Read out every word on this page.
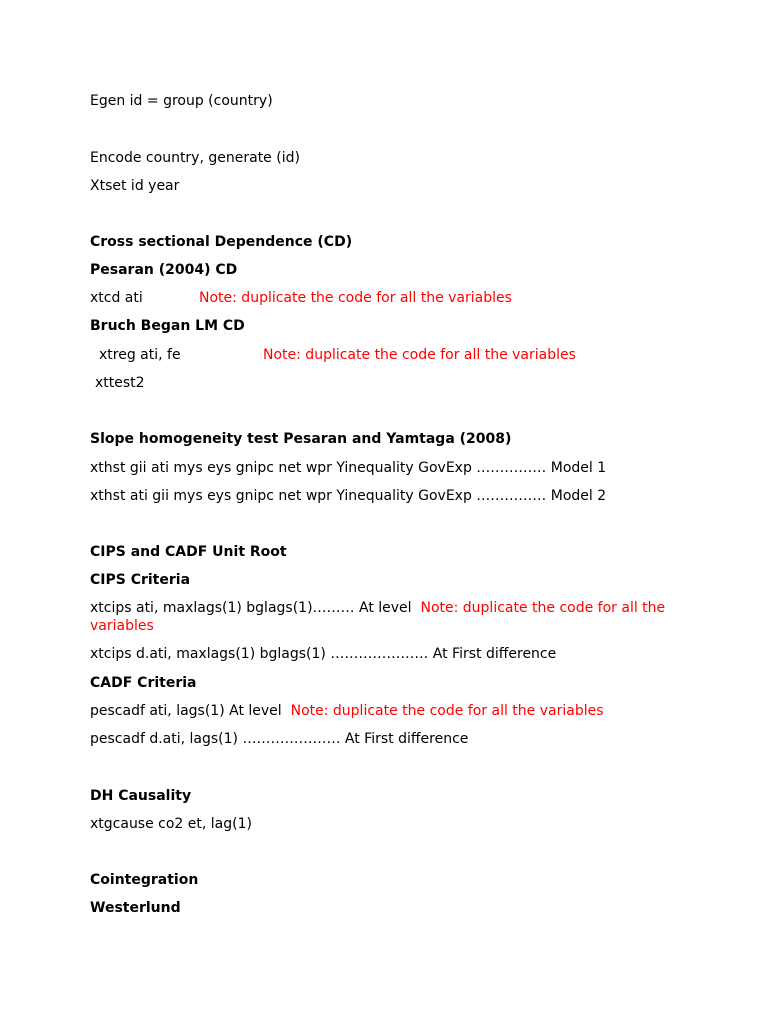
Egen id = group (country)
Encode country, generate (id)
Xtset id year
Cross sectional Dependence (CD)
Pesaran (2004) CD
xtcd ati	Note: duplicate the code for all the variables
Bruch Began LM CD
xtreg ati, fe	Note: duplicate the code for all the variables
xttest2
Slope homogeneity test Pesaran and Yamtaga (2008)
xthst gii ati mys eys gnipc net wpr Yinequality GovExp …………… Model 1
xthst ati gii mys eys gnipc net wpr Yinequality GovExp …………… Model 2
CIPS and CADF Unit Root
CIPS Criteria
xtcips ati, maxlags(1) bglags(1)……… At level Note: duplicate the code for all the variables
xtcips d.ati, maxlags(1) bglags(1) ………………… At First difference
CADF Criteria
pescadf ati, lags(1) At level Note: duplicate the code for all the variables
pescadf d.ati, lags(1) ………………… At First difference
DH Causality
xtgcause co2 et, lag(1)
Cointegration
Westerlund
